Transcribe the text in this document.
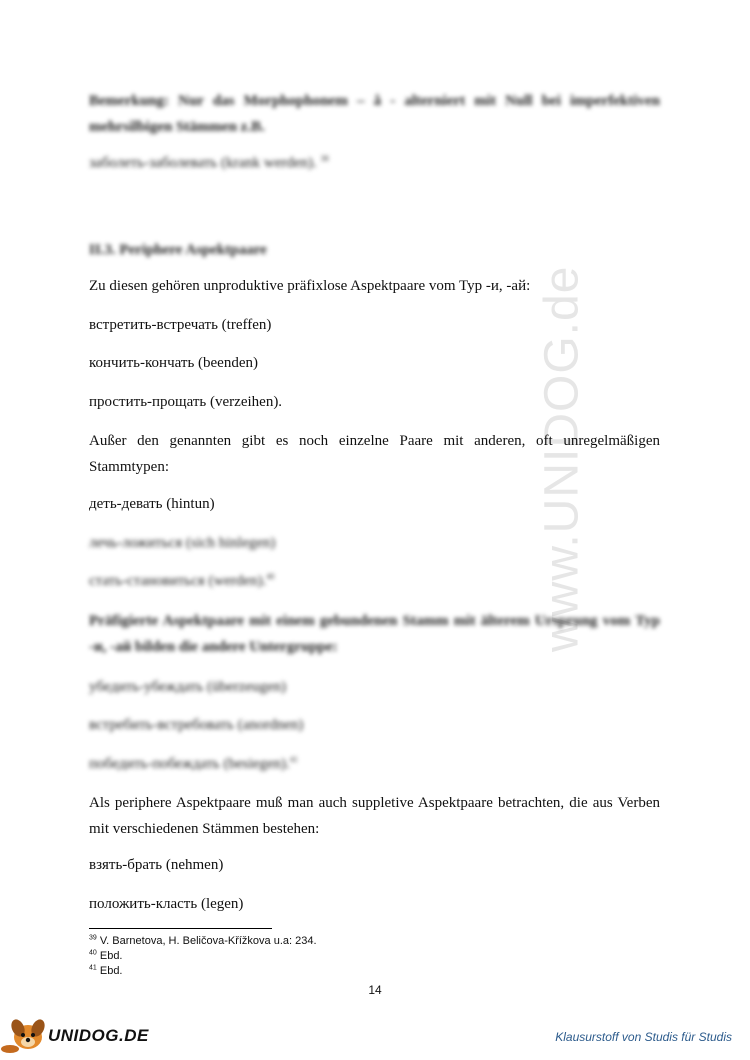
www.UNIDOG.de

Bemerkung: Nur das Morphophonem – å - alterniert mit Null bei imperfektiven mehrsilbigen Stämmen z.B.

заболеть-заболевать (krank werden). $^{38}$

II.3. Periphere Aspektpaare

Zu diesen gehören unproduktive präfixlose Aspektpaare vom Typ -и, -ай:

встретить-встречать (treffen)

кончить-кончать (beenden)

простить-прощать (verzeihen).

Außer den genannten gibt es noch einzelne Paare mit anderen, oft unregelmäßigen Stammtypen:

деть-девать (hintun)

лечь-ложиться (sich hinlegen)

стать-становиться (werden).$^{40}$

Präfigierte Aspektpaare mit einem gebundenen Stamm mit älterem Ursprung vom Typ -и, -ай bilden die andere Untergruppe:

убедить-убеждать (überzeugen)

встребить-встребовать (anordnen)

победить-побеждать (besiegen).$^{41}$

Als periphere Aspektpaare muß man auch suppletive Aspektpaare betrachten, die aus Verben mit verschiedenen Stämmen bestehen:

взять-брать (nehmen)

положить-класть (legen)

$^{39}$ V. Barnetova, H. Beličova-Křížkova u.a: 234.
$^{40}$ Ebd.
$^{41}$ Ebd.
14
UNIDOG.DE	Klausurstoff von Studis für Studis
